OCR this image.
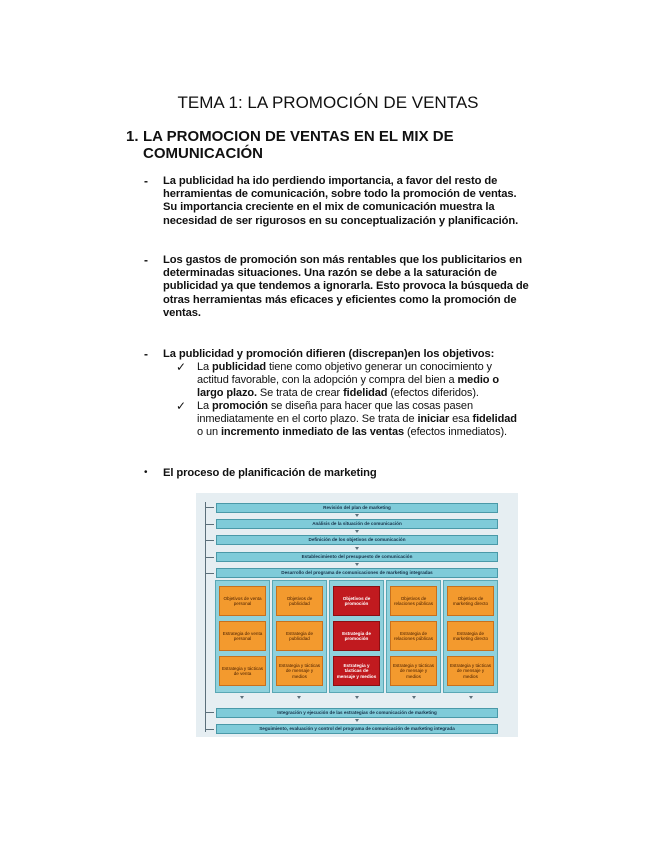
TEMA 1: LA PROMOCIÓN DE VENTAS
1. LA PROMOCION DE VENTAS EN EL MIX DE COMUNICACIÓN
- La publicidad ha ido perdiendo importancia, a favor del resto de herramientas de comunicación, sobre todo la promoción de ventas. Su importancia creciente en el mix de comunicación muestra la necesidad de ser rigurosos en su conceptualización y planificación.
- Los gastos de promoción son más rentables que los publicitarios en determinadas situaciones. Una razón se debe a la saturación de publicidad ya que tendemos a ignorarla. Esto provoca la búsqueda de otras herramientas más eficaces y eficientes como la promoción de ventas.
- La publicidad y promoción difieren (discrepan)en los objetivos:
✓ La publicidad tiene como objetivo generar un conocimiento y actitud favorable, con la adopción y compra del bien a medio o largo plazo. Se trata de crear fidelidad (efectos diferidos).
✓ La promoción se diseña para hacer que las cosas pasen inmediatamente en el corto plazo. Se trata de iniciar esa fidelidad o un incremento inmediato de las ventas (efectos inmediatos).
• El proceso de planificación de marketing
Revisión del plan de marketing
Análisis de la situación de comunicación
Definición de los objetivos de comunicación
Establecimiento del presupuesto de comunicación
Desarrollo del programa de comunicaciones de marketing integradas
Objetivos de venta personal
Estrategia de venta personal
Estrategia y tácticas de venta
Objetivos de publicidad
Estrategia de publicidad
Estrategia y tácticas de mensaje y medios
Objetivos de promoción
Estrategia de promoción
Estrategia y tácticas de mensaje y medios
Objetivos de relaciones públicas
Estrategia de relaciones públicas
Estrategia y tácticas de mensaje y medios
Objetivos de marketing directo
Estrategia de marketing directo
Estrategia y tácticas de mensaje y medios
Integración y ejecución de las estrategias de comunicación de marketing
Seguimiento, evaluación y control del programa de comunicación de marketing integrada
